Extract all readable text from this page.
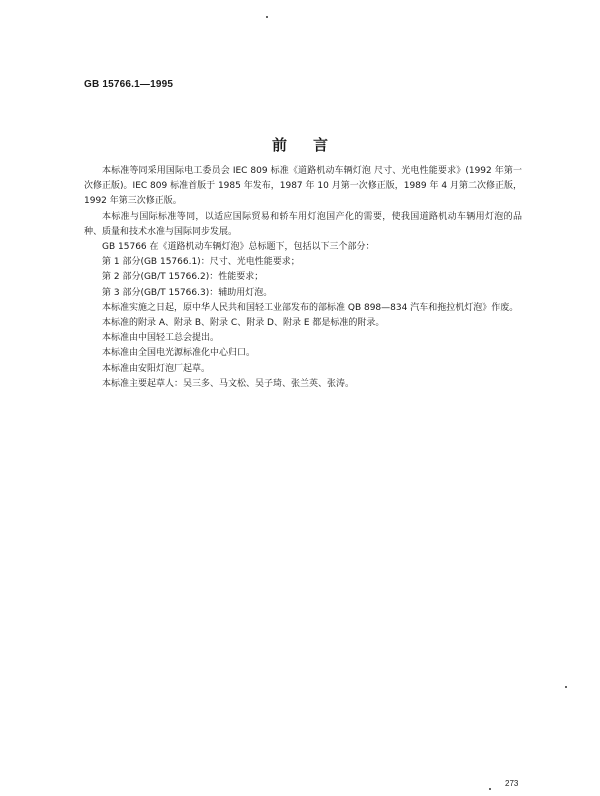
GB 15766.1—1995
前言

本标准等同采用国际电工委员会 IEC 809 标准《道路机动车辆灯泡 尺寸、光电性能要求》(1992 年第一次修正版)。IEC 809 标准首版于 1985 年发布，1987 年 10 月第一次修正版，1989 年 4 月第二次修正版，1992 年第三次修正版。

本标准与国际标准等同，以适应国际贸易和轿车用灯泡国产化的需要，使我国道路机动车辆用灯泡的品种、质量和技术水准与国际同步发展。

GB 15766 在《道路机动车辆灯泡》总标题下，包括以下三个部分：

第 1 部分(GB 15766.1)：尺寸、光电性能要求；

第 2 部分(GB/T 15766.2)：性能要求；

第 3 部分(GB/T 15766.3)：辅助用灯泡。

本标准实施之日起，原中华人民共和国轻工业部发布的部标准 QB 898—834 汽车和拖拉机灯泡》作废。

本标准的附录 A、附录 B、附录 C、附录 D、附录 E 都是标准的附录。

本标准由中国轻工总会提出。

本标准由全国电光源标准化中心归口。

本标准由安阳灯泡厂起草。

本标准主要起草人：吴三多、马文松、吴子琦、张兰英、张涛。

273
